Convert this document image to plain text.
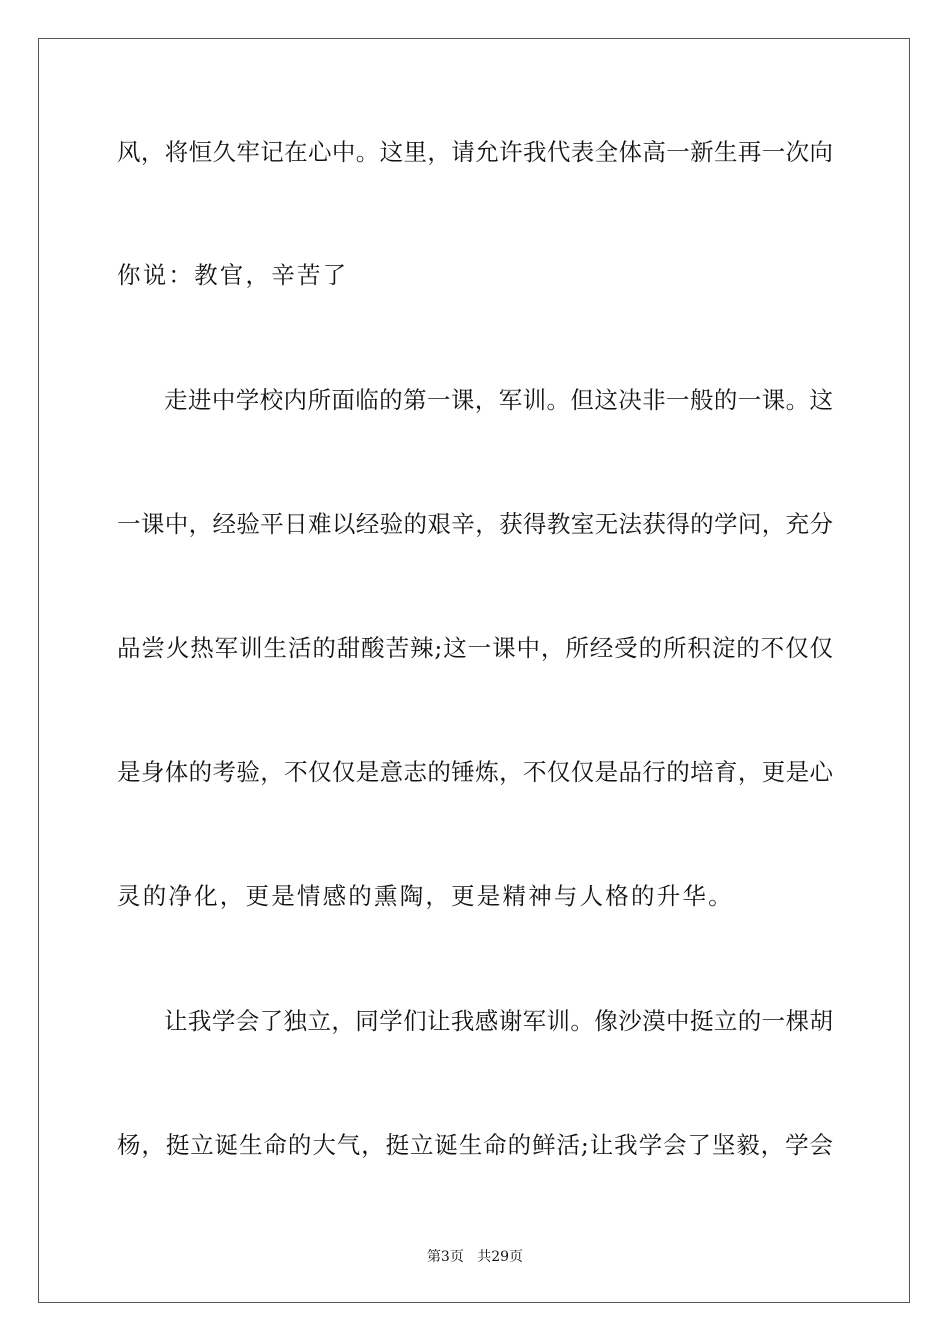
风，将恒久牢记在心中。这里，请允许我代表全体高一新生再一次向
你说：教官，辛苦了
走进中学校内所面临的第一课，军训。但这决非一般的一课。这
一课中，经验平日难以经验的艰辛，获得教室无法获得的学问，充分
品尝火热军训生活的甜酸苦辣;这一课中，所经受的所积淀的不仅仅
是身体的考验，不仅仅是意志的锤炼，不仅仅是品行的培育，更是心
灵的净化，更是情感的熏陶，更是精神与人格的升华。
让我学会了独立，同学们让我感谢军训。像沙漠中挺立的一棵胡
杨，挺立诞生命的大气，挺立诞生命的鲜活;让我学会了坚毅，学会
第3页 共29页
